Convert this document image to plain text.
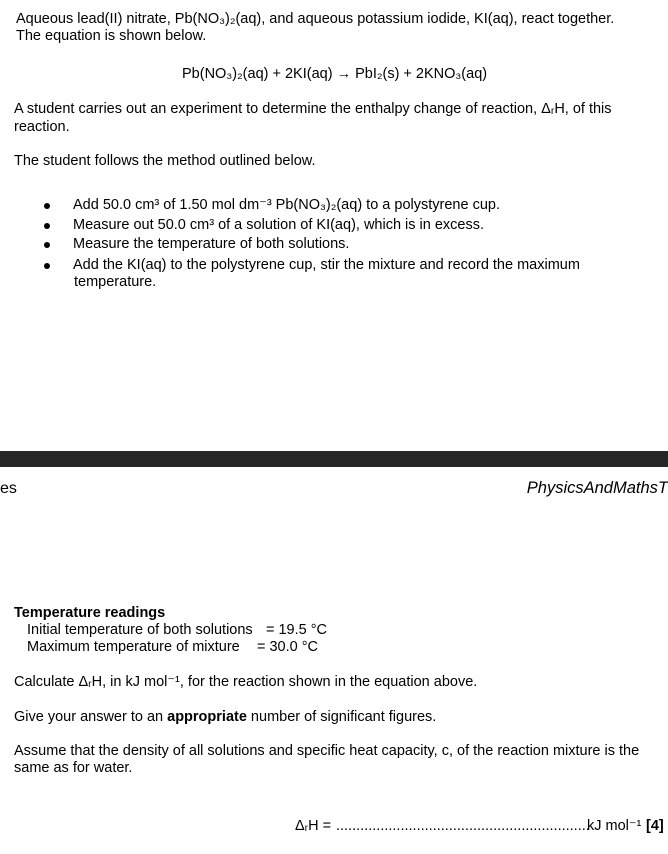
Aqueous lead(II) nitrate, Pb(NO₃)₂(aq), and aqueous potassium iodide, KI(aq), react together.
The equation is shown below.
Pb(NO₃)₂(aq) + 2KI(aq) → PbI₂(s) + 2KNO₃(aq)
A student carries out an experiment to determine the enthalpy change of reaction, ΔᵣH, of this
reaction.
The student follows the method outlined below.
Add 50.0 cm³ of 1.50 mol dm⁻³ Pb(NO₃)₂(aq) to a polystyrene cup.
Measure out 50.0 cm³ of a solution of KI(aq), which is in excess.
Measure the temperature of both solutions.
Add the KI(aq) to the polystyrene cup, stir the mixture and record the maximum
temperature.
es	PhysicsAndMathsT
Temperature readings
Initial temperature of both solutions = 19.5 °C
Maximum temperature of mixture = 30.0 °C
Calculate ΔᵣH, in kJ mol⁻¹, for the reaction shown in the equation above.
Give your answer to an appropriate number of significant figures.
Assume that the density of all solutions and specific heat capacity, c, of the reaction mixture is the
same as for water.
ΔᵣH = ...............................................................
kJ mol⁻¹ [4]
